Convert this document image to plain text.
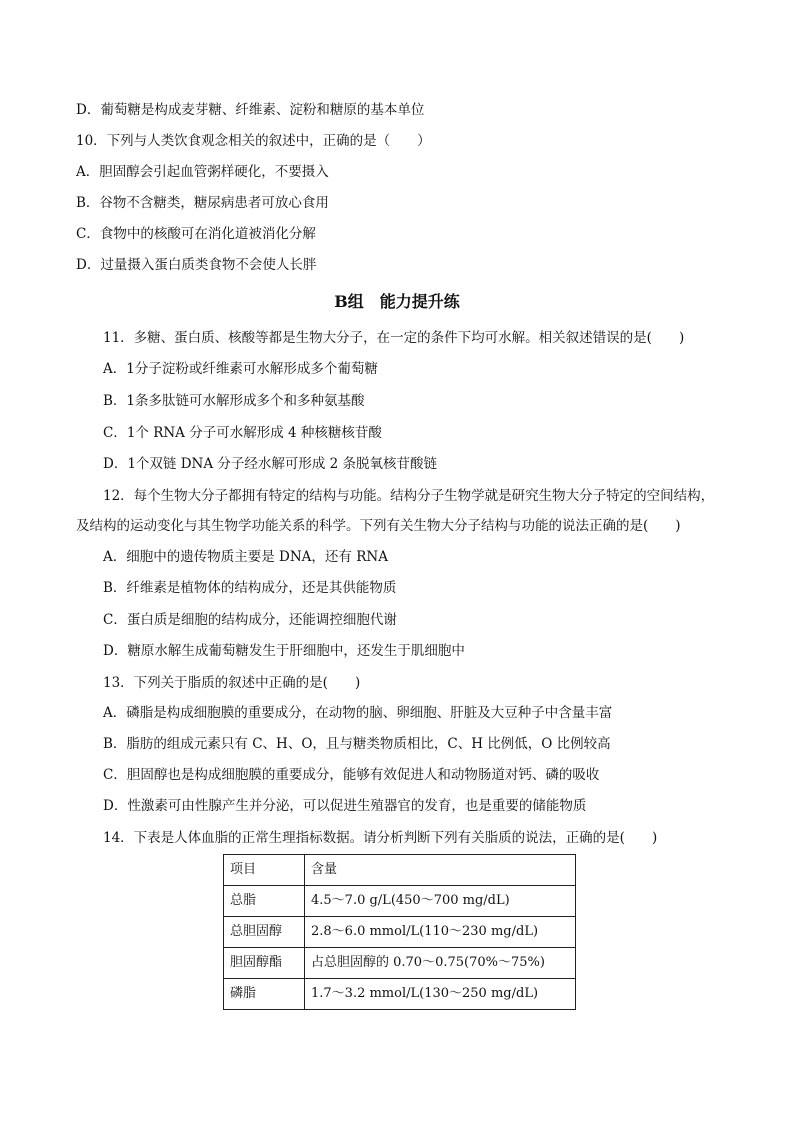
D．葡萄糖是构成麦芽糖、纤维素、淀粉和糖原的基本单位
10．下列与人类饮食观念相关的叙述中，正确的是（　　）
A．胆固醇会引起血管粥样硬化，不要摄入
B．谷物不含糖类，糖尿病患者可放心食用
C．食物中的核酸可在消化道被消化分解
D．过量摄入蛋白质类食物不会使人长胖
B组　能力提升练
11．多糖、蛋白质、核酸等都是生物大分子，在一定的条件下均可水解。相关叙述错误的是(　　)
A．1分子淀粉或纤维素可水解形成多个葡萄糖
B．1条多肽链可水解形成多个和多种氨基酸
C．1个 RNA 分子可水解形成 4 种核糖核苷酸
D．1个双链 DNA 分子经水解可形成 2 条脱氧核苷酸链
12．每个生物大分子都拥有特定的结构与功能。结构分子生物学就是研究生物大分子特定的空间结构，
及结构的运动变化与其生物学功能关系的科学。下列有关生物大分子结构与功能的说法正确的是(　　)
A．细胞中的遗传物质主要是 DNA，还有 RNA
B．纤维素是植物体的结构成分，还是其供能物质
C．蛋白质是细胞的结构成分，还能调控细胞代谢
D．糖原水解生成葡萄糖发生于肝细胞中，还发生于肌细胞中
13．下列关于脂质的叙述中正确的是(　　)
A．磷脂是构成细胞膜的重要成分，在动物的脑、卵细胞、肝脏及大豆种子中含量丰富
B．脂肪的组成元素只有 C、H、O，且与糖类物质相比，C、H 比例低，O 比例较高
C．胆固醇也是构成细胞膜的重要成分，能够有效促进人和动物肠道对钙、磷的吸收
D．性激素可由性腺产生并分泌，可以促进生殖器官的发育，也是重要的储能物质
14．下表是人体血脂的正常生理指标数据。请分析判断下列有关脂质的说法，正确的是(　　)
项目	含量
总脂	4.5～7.0 g/L(450～700 mg/dL)
总胆固醇	2.8～6.0 mmol/L(110～230 mg/dL)
胆固醇酯	占总胆固醇的 0.70～0.75(70%～75%)
磷脂	1.7～3.2 mmol/L(130～250 mg/dL)
